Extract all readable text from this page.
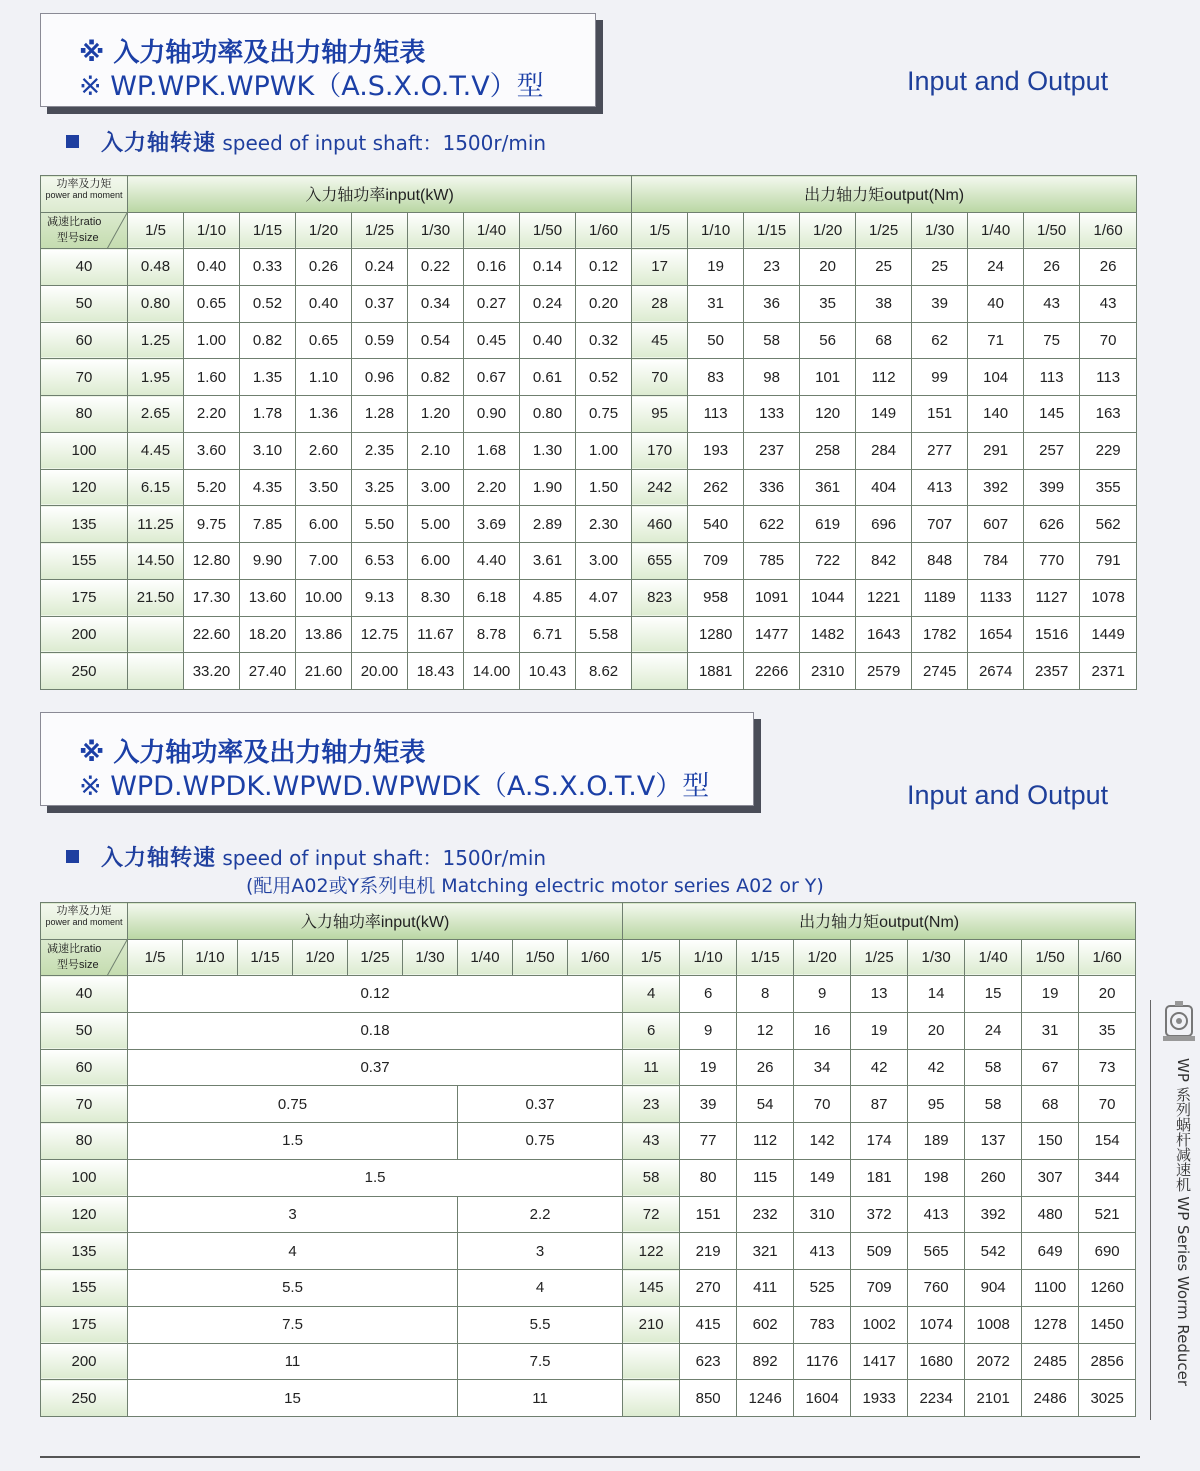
※ 入力轴功率及出力轴力矩表
※ WP.WPK.WPWK（A.S.X.O.T.V）型	Input and Output
入力轴转速 speed of input shaft：1500r/min
功率及力矩
power and moment
减速比ratio
型号size	入力轴功率input(kW)									出力轴力矩output(Nm)								
	1/5	1/10	1/15	1/20	1/25	1/30	1/40	1/50	1/60	1/5	1/10	1/15	1/20	1/25	1/30	1/40	1/50	1/60
40	0.48	0.40	0.33	0.26	0.24	0.22	0.16	0.14	0.12	17	19	23	20	25	25	24	26	26
50	0.80	0.65	0.52	0.40	0.37	0.34	0.27	0.24	0.20	28	31	36	35	38	39	40	43	43
60	1.25	1.00	0.82	0.65	0.59	0.54	0.45	0.40	0.32	45	50	58	56	68	62	71	75	70
70	1.95	1.60	1.35	1.10	0.96	0.82	0.67	0.61	0.52	70	83	98	101	112	99	104	113	113
80	2.65	2.20	1.78	1.36	1.28	1.20	0.90	0.80	0.75	95	113	133	120	149	151	140	145	163
100	4.45	3.60	3.10	2.60	2.35	2.10	1.68	1.30	1.00	170	193	237	258	284	277	291	257	229
120	6.15	5.20	4.35	3.50	3.25	3.00	2.20	1.90	1.50	242	262	336	361	404	413	392	399	355
135	11.25	9.75	7.85	6.00	5.50	5.00	3.69	2.89	2.30	460	540	622	619	696	707	607	626	562
155	14.50	12.80	9.90	7.00	6.53	6.00	4.40	3.61	3.00	655	709	785	722	842	848	784	770	791
175	21.50	17.30	13.60	10.00	9.13	8.30	6.18	4.85	4.07	823	958	1091	1044	1221	1189	1133	1127	1078
200		22.60	18.20	13.86	12.75	11.67	8.78	6.71	5.58		1280	1477	1482	1643	1782	1654	1516	1449
250		33.20	27.40	21.60	20.00	18.43	14.00	10.43	8.62		1881	2266	2310	2579	2745	2674	2357	2371
※ 入力轴功率及出力轴力矩表
※ WPD.WPDK.WPWD.WPWDK（A.S.X.O.T.V）型	Input and Output
入力轴转速 speed of input shaft：1500r/min
(配用A02或Y系列电机 Matching electric motor series A02 or Y)
功率及力矩
power and moment
减速比ratio
型号size	入力轴功率input(kW)									出力轴力矩output(Nm)								
	1/5	1/10	1/15	1/20	1/25	1/30	1/40	1/50	1/60	1/5	1/10	1/15	1/20	1/25	1/30	1/40	1/50	1/60
40	0.12									4	6	8	9	13	14	15	19	20
50	0.18									6	9	12	16	19	20	24	31	35
60	0.37									11	19	26	34	42	42	58	67	73
70	0.75						0.37			23	39	54	70	87	95	58	68	70
80	1.5						0.75			43	77	112	142	174	189	137	150	154
100	1.5									58	80	115	149	181	198	260	307	344
120	3						2.2			72	151	232	310	372	413	392	480	521
135	4						3			122	219	321	413	509	565	542	649	690
155	5.5						4			145	270	411	525	709	760	904	1100	1260
175	7.5						5.5			210	415	602	783	1002	1074	1008	1278	1450
200	11						7.5				623	892	1176	1417	1680	2072	2485	2856
250	15						11				850	1246	1604	1933	2234	2101	2486	3025
WP 系列蜗杆减速机 WP Series Worm Reducer
